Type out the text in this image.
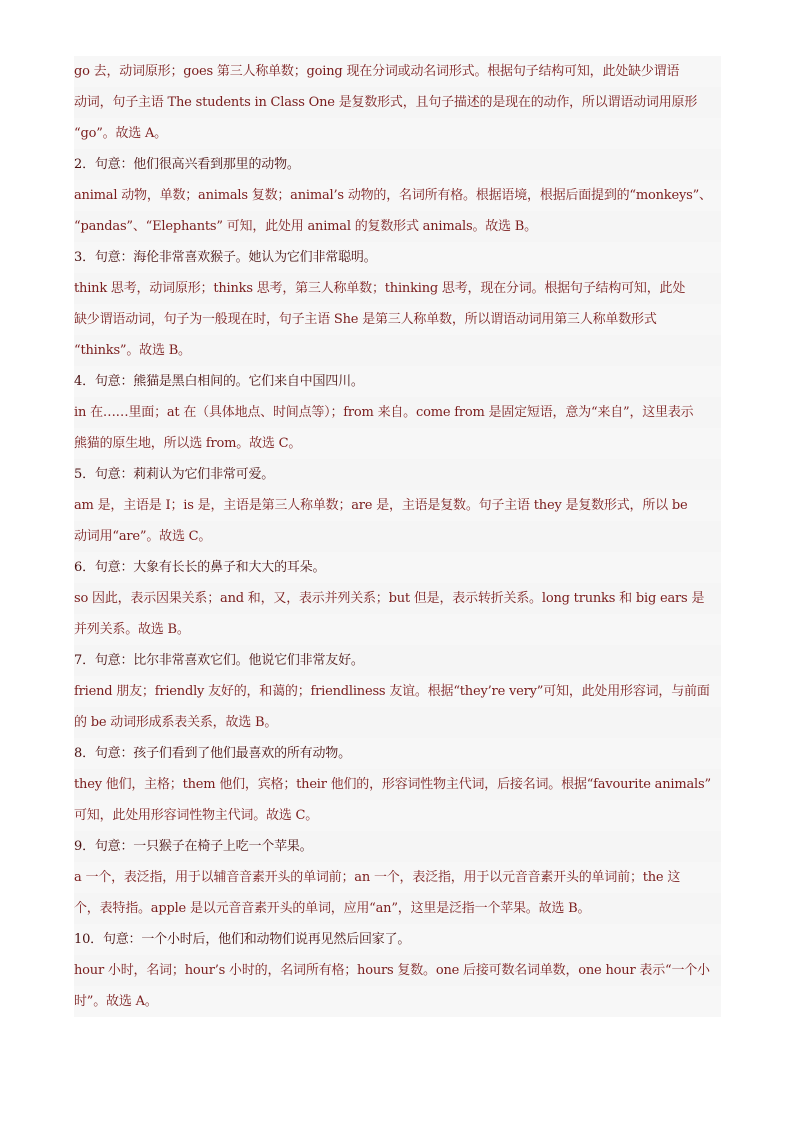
go 去，动词原形；goes 第三人称单数；going 现在分词或动名词形式。根据句子结构可知，此处缺少谓语

动词，句子主语 The students in Class One 是复数形式，且句子描述的是现在的动作，所以谓语动词用原形

“go”。故选 A。

2．句意：他们很高兴看到那里的动物。

animal 动物，单数；animals 复数；animal’s 动物的，名词所有格。根据语境，根据后面提到的“monkeys”、

“pandas”、“Elephants” 可知，此处用 animal 的复数形式 animals。故选 B。

3．句意：海伦非常喜欢猴子。她认为它们非常聪明。

think 思考，动词原形；thinks 思考，第三人称单数；thinking 思考，现在分词。根据句子结构可知，此处

缺少谓语动词，句子为一般现在时，句子主语 She 是第三人称单数，所以谓语动词用第三人称单数形式

“thinks”。故选 B。

4．句意：熊猫是黑白相间的。它们来自中国四川。

in 在……里面；at 在（具体地点、时间点等）；from 来自。come from 是固定短语，意为“来自”，这里表示

熊猫的原生地，所以选 from。故选 C。

5．句意：莉莉认为它们非常可爱。

am 是，主语是 I；is 是，主语是第三人称单数；are 是，主语是复数。句子主语 they 是复数形式，所以 be

动词用“are”。故选 C。

6．句意：大象有长长的鼻子和大大的耳朵。

so 因此，表示因果关系；and 和，又，表示并列关系；but 但是，表示转折关系。long trunks 和 big ears 是

并列关系。故选 B。

7．句意：比尔非常喜欢它们。他说它们非常友好。

friend 朋友；friendly 友好的，和蔼的；friendliness 友谊。根据“they’re very”可知，此处用形容词，与前面

的 be 动词形成系表关系，故选 B。

8．句意：孩子们看到了他们最喜欢的所有动物。

they 他们，主格；them 他们，宾格；their 他们的，形容词性物主代词，后接名词。根据“favourite animals”

可知，此处用形容词性物主代词。故选 C。

9．句意：一只猴子在椅子上吃一个苹果。

a 一个，表泛指，用于以辅音音素开头的单词前；an 一个，表泛指，用于以元音音素开头的单词前；the 这

个，表特指。apple 是以元音音素开头的单词，应用“an”，这里是泛指一个苹果。故选 B。

10．句意：一个小时后，他们和动物们说再见然后回家了。

hour 小时，名词；hour’s 小时的，名词所有格；hours 复数。one 后接可数名词单数，one hour 表示“一个小

时”。故选 A。
